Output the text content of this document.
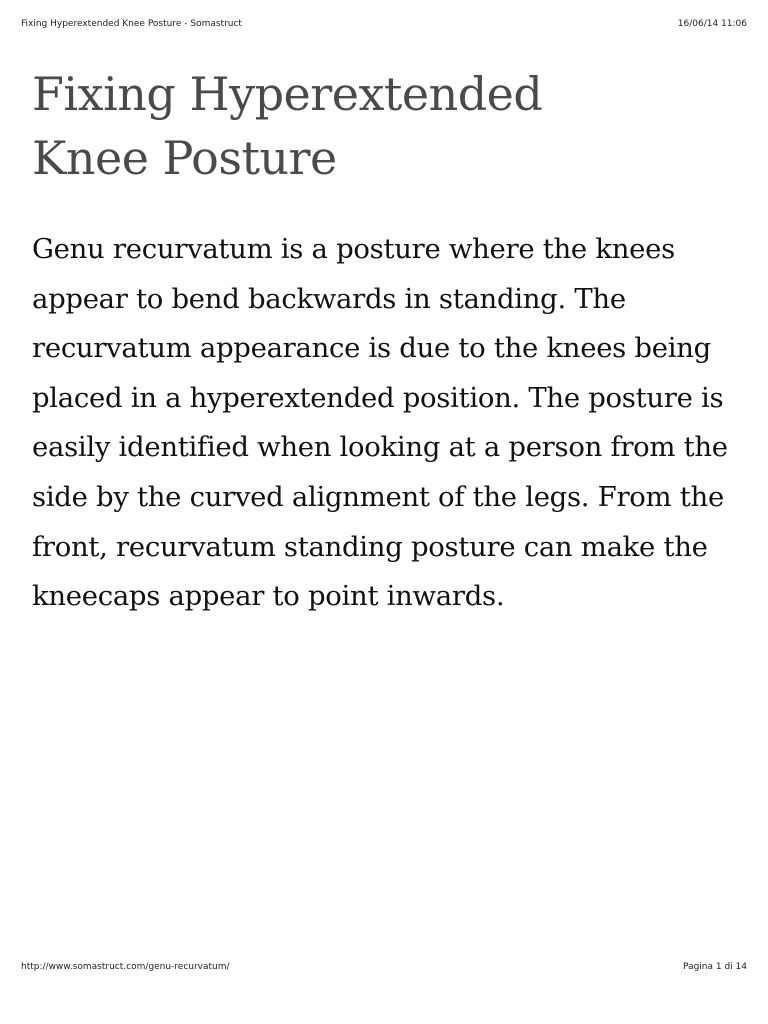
Fixing Hyperextended Knee Posture - Somastruct	16/06/14 11:06
Fixing Hyperextended
Knee Posture

Genu recurvatum is a posture where the knees appear to bend backwards in standing. The recurvatum appearance is due to the knees being placed in a hyperextended position. The posture is easily identified when looking at a person from the side by the curved alignment of the legs. From the front, recurvatum standing posture can make the kneecaps appear to point inwards.

http://www.somastruct.com/genu-recurvatum/	Pagina 1 di 14
